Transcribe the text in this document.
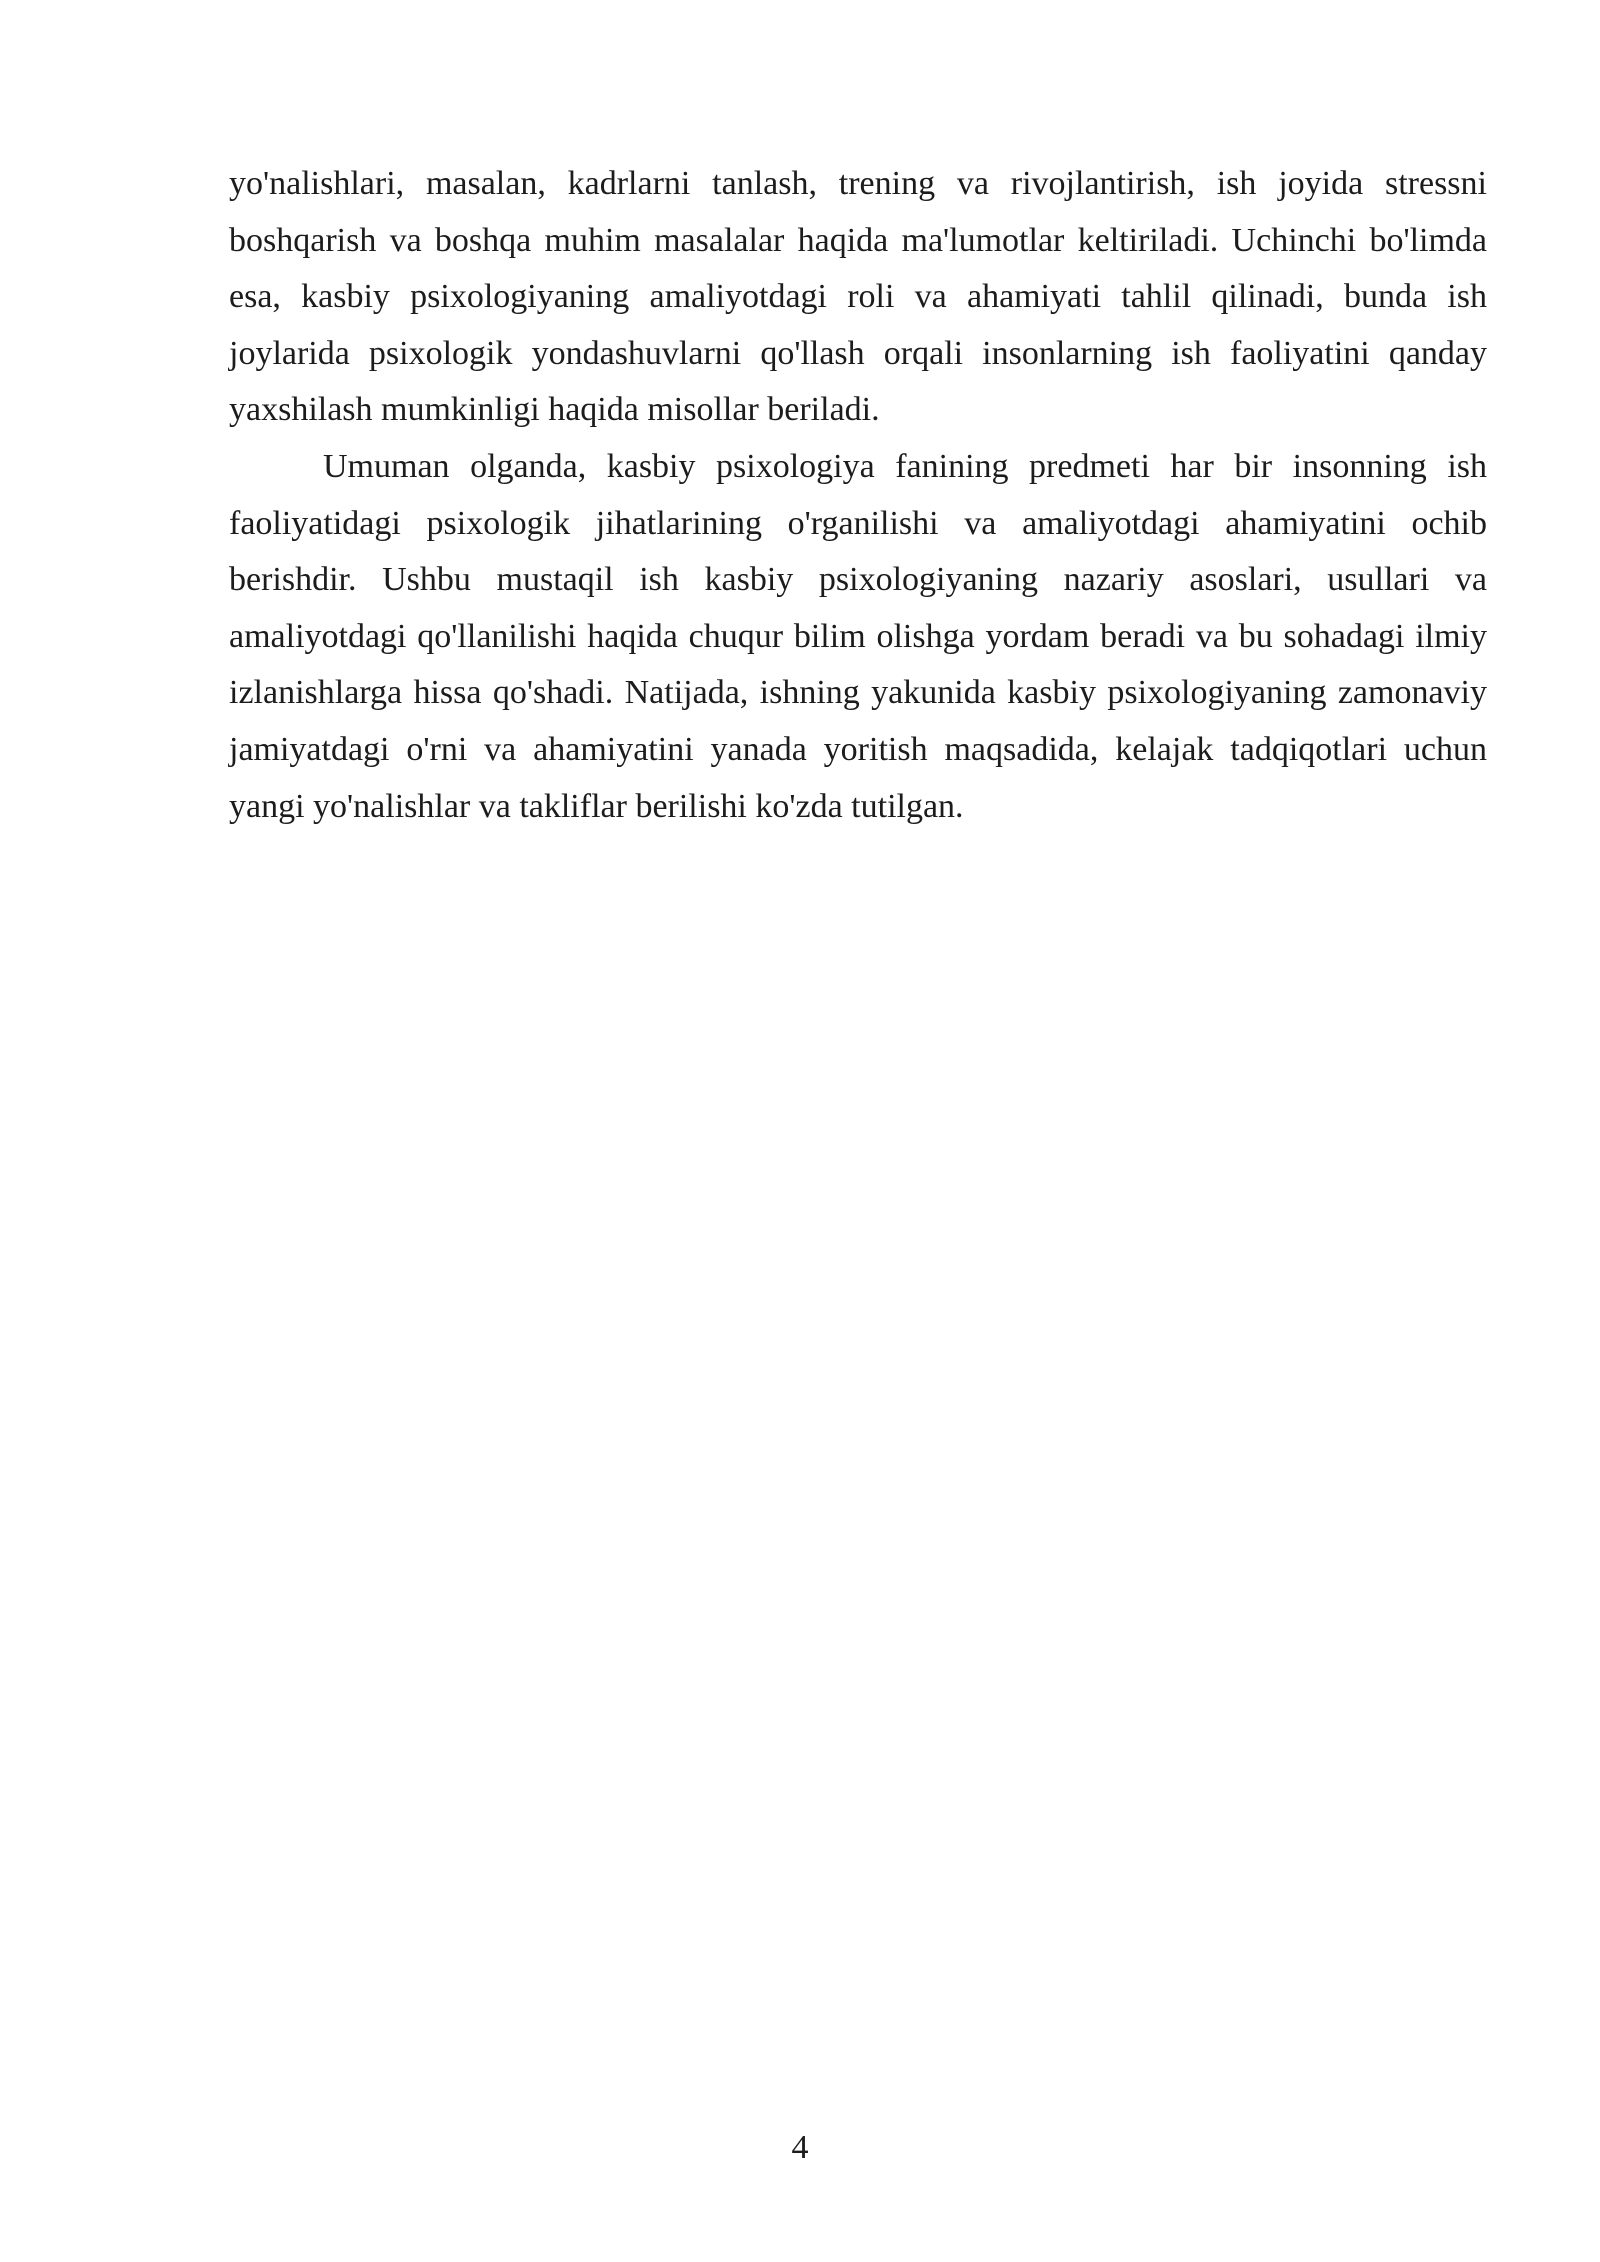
yo'nalishlari, masalan, kadrlarni tanlash, trening va rivojlantirish, ish joyida stressni boshqarish va boshqa muhim masalalar haqida ma'lumotlar keltiriladi. Uchinchi bo'limda esa, kasbiy psixologiyaning amaliyotdagi roli va ahamiyati tahlil qilinadi, bunda ish joylarida psixologik yondashuvlarni qo'llash orqali insonlarning ish faoliyatini qanday yaxshilash mumkinligi haqida misollar beriladi.

Umuman olganda, kasbiy psixologiya fanining predmeti har bir insonning ish faoliyatidagi psixologik jihatlarining o'rganilishi va amaliyotdagi ahamiyatini ochib berishdir. Ushbu mustaqil ish kasbiy psixologiyaning nazariy asoslari, usullari va amaliyotdagi qo'llanilishi haqida chuqur bilim olishga yordam beradi va bu sohadagi ilmiy izlanishlarga hissa qo'shadi. Natijada, ishning yakunida kasbiy psixologiyaning zamonaviy jamiyatdagi o'rni va ahamiyatini yanada yoritish maqsadida, kelajak tadqiqotlari uchun yangi yo'nalishlar va takliflar berilishi ko'zda tutilgan.

4
